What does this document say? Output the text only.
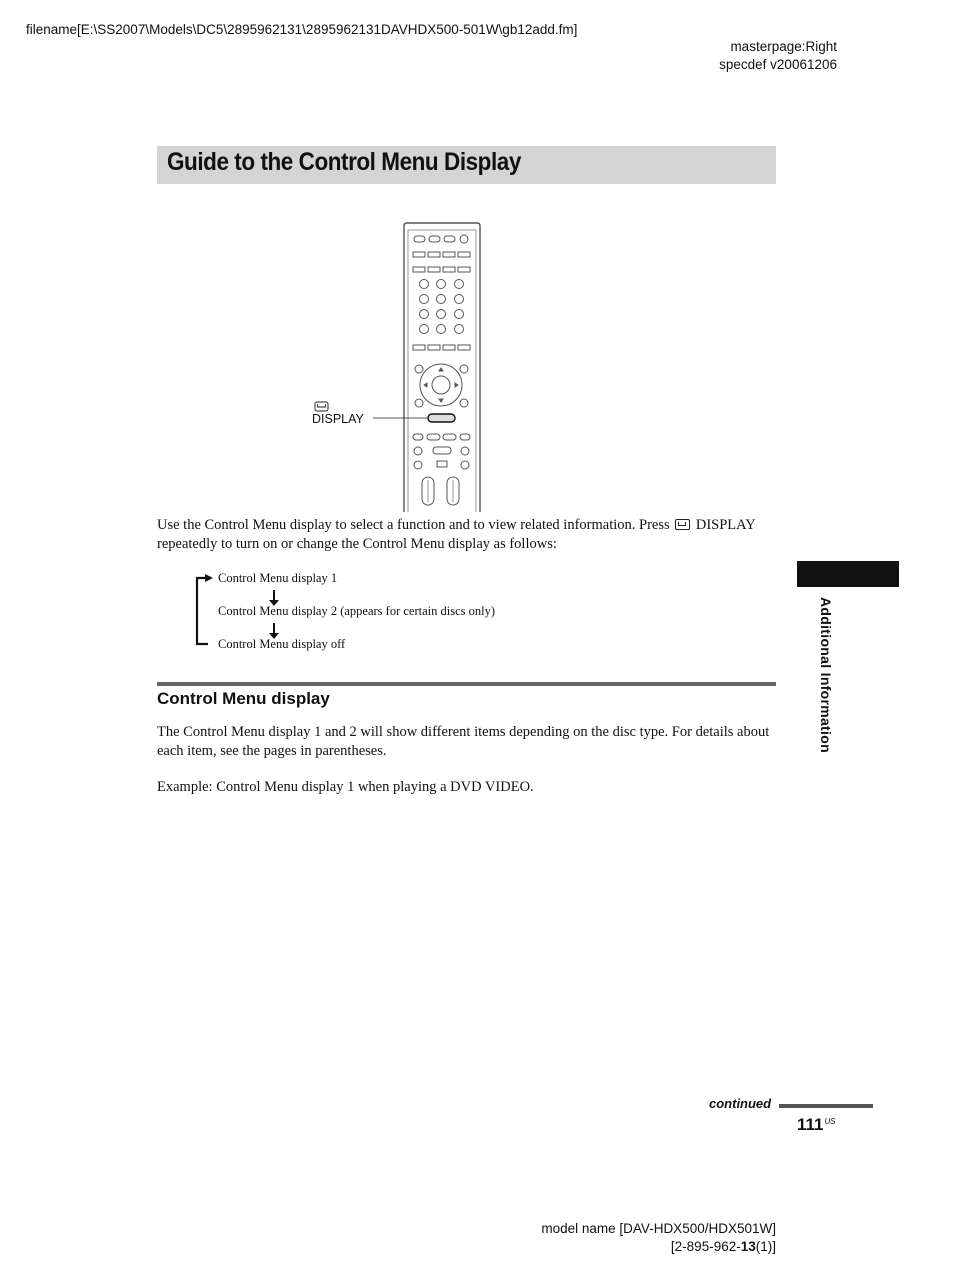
filename[E:\SS2007\Models\DC5\2895962131\2895962131DAVHDX500-501W\gb12add.fm]
masterpage:Right
specdef v20061206
Guide to the Control Menu Display
DISPLAY
Use the Control Menu display to select a function and to view related information. Press  DISPLAY repeatedly to turn on or change the Control Menu display as follows:
Control Menu display 1
Control Menu display 2 (appears for certain discs only)
Control Menu display off
Control Menu display
The Control Menu display 1 and 2 will show different items depending on the disc type. For details about each item, see the pages in parentheses.
Example: Control Menu display 1 when playing a DVD VIDEO.
Additional Information
continued
$111^{US}$
model name [DAV-HDX500/HDX501W]
[2-895-962-13(1)]
